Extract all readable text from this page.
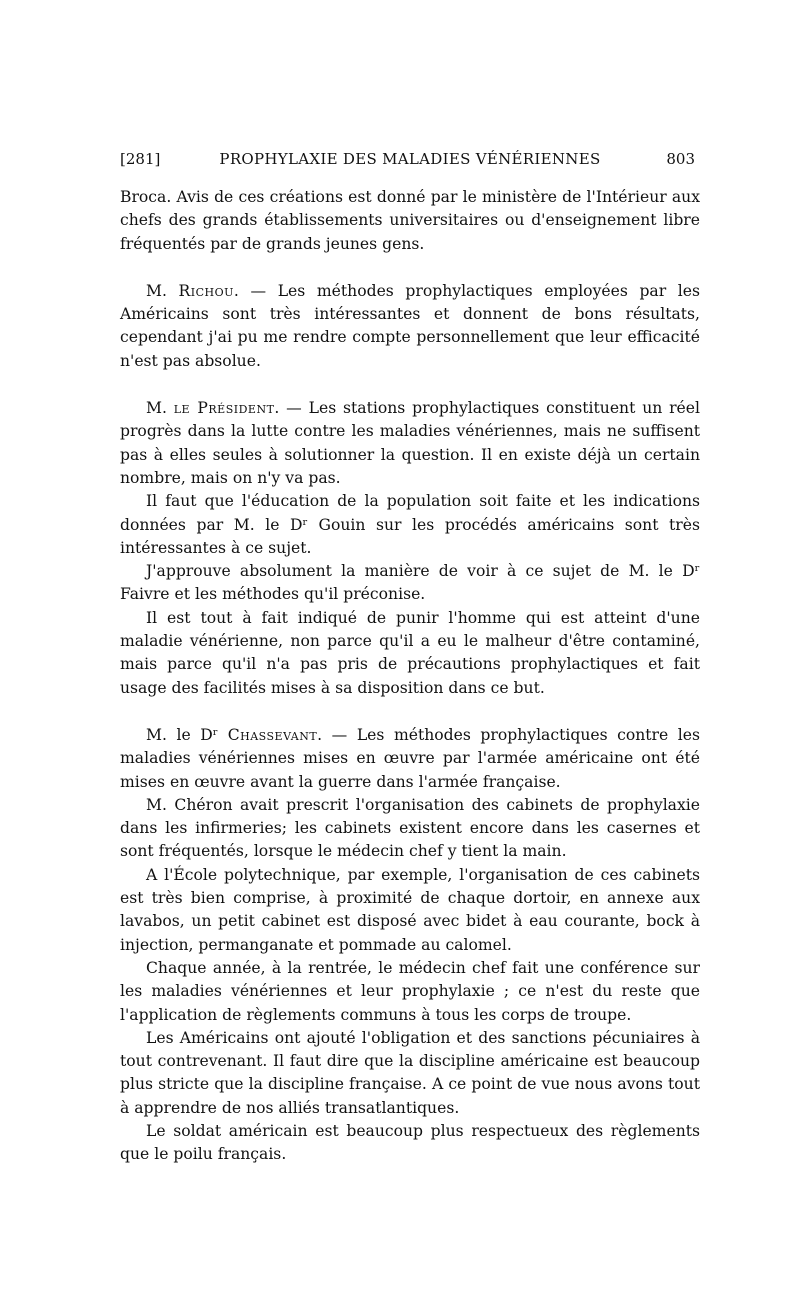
[281]	PROPHYLAXIE DES MALADIES VÉNÉRIENNES	803

Broca. Avis de ces créations est donné par le ministère de l'Intérieur aux chefs des grands établissements universitaires ou d'enseignement libre fréquentés par de grands jeunes gens.

M. Richou. — Les méthodes prophylactiques employées par les Américains sont très intéressantes et donnent de bons résultats, cependant j'ai pu me rendre compte personnellement que leur efficacité n'est pas absolue.

M. le Président. — Les stations prophylactiques constituent un réel progrès dans la lutte contre les maladies vénériennes, mais ne suffisent pas à elles seules à solutionner la question. Il en existe déjà un certain nombre, mais on n'y va pas.

Il faut que l'éducation de la population soit faite et les indications données par M. le Dʳ Gouin sur les procédés américains sont très intéressantes à ce sujet.

J'approuve absolument la manière de voir à ce sujet de M. le Dʳ Faivre et les méthodes qu'il préconise.

Il est tout à fait indiqué de punir l'homme qui est atteint d'une maladie vénérienne, non parce qu'il a eu le malheur d'être contaminé, mais parce qu'il n'a pas pris de précautions prophylactiques et fait usage des facilités mises à sa disposition dans ce but.

M. le Dʳ Chassevant. — Les méthodes prophylactiques contre les maladies vénériennes mises en œuvre par l'armée américaine ont été mises en œuvre avant la guerre dans l'armée française.

M. Chéron avait prescrit l'organisation des cabinets de prophylaxie dans les infirmeries; les cabinets existent encore dans les casernes et sont fréquentés, lorsque le médecin chef y tient la main.

A l'École polytechnique, par exemple, l'organisation de ces cabinets est très bien comprise, à proximité de chaque dortoir, en annexe aux lavabos, un petit cabinet est disposé avec bidet à eau courante, bock à injection, permanganate et pommade au calomel.

Chaque année, à la rentrée, le médecin chef fait une conférence sur les maladies vénériennes et leur prophylaxie ; ce n'est du reste que l'application de règlements communs à tous les corps de troupe.

Les Américains ont ajouté l'obligation et des sanctions pécuniaires à tout contrevenant. Il faut dire que la discipline américaine est beaucoup plus stricte que la discipline française. A ce point de vue nous avons tout à apprendre de nos alliés transatlantiques.

Le soldat américain est beaucoup plus respectueux des règlements que le poilu français.
